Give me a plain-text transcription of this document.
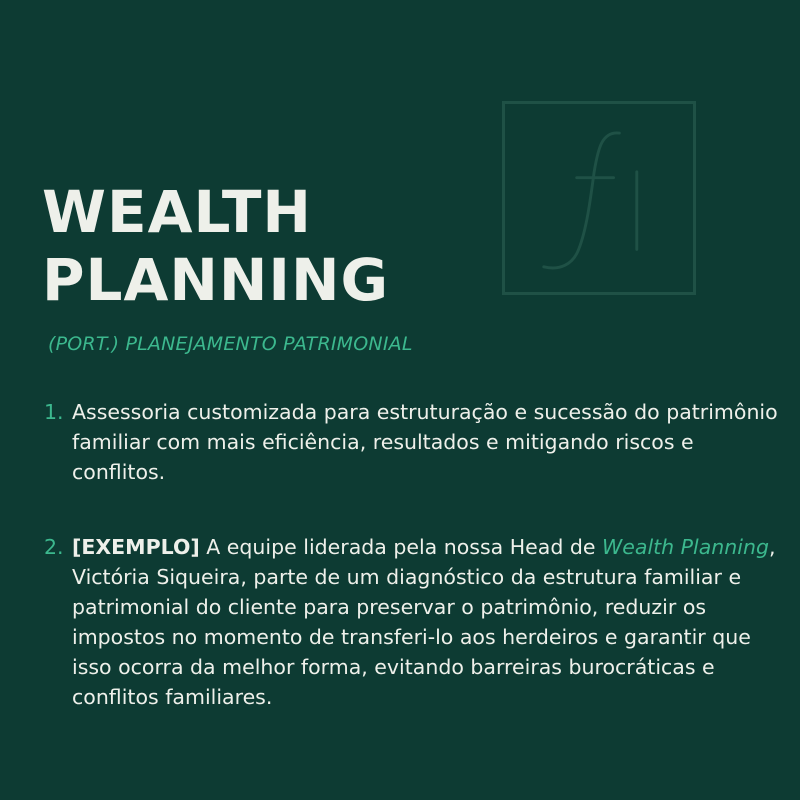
WEALTH
PLANNING
(PORT.) PLANEJAMENTO PATRIMONIAL
1. Assessoria customizada para estruturação e sucessão do patrimônio familiar com mais eficiência, resultados e mitigando riscos e conflitos.
2. [EXEMPLO] A equipe liderada pela nossa Head de Wealth Planning, Victória Siqueira, parte de um diagnóstico da estrutura familiar e patrimonial do cliente para preservar o patrimônio, reduzir os impostos no momento de transferi-lo aos herdeiros e garantir que isso ocorra da melhor forma, evitando barreiras burocráticas e conflitos familiares.
